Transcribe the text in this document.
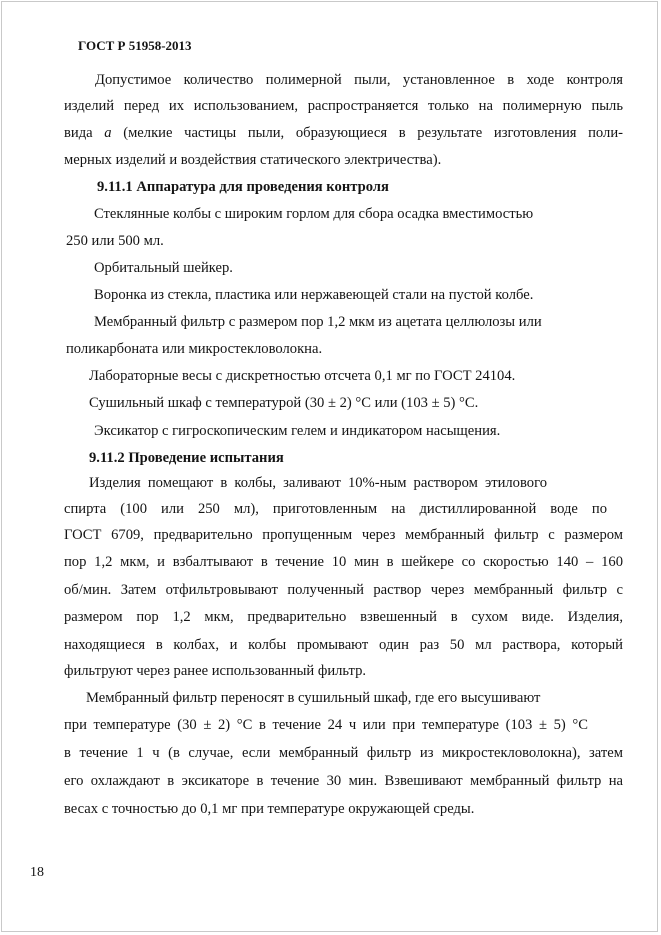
ГОСТ Р 51958-2013
Допустимое количество полимерной пыли, установленное в ходе контроля
изделий перед их использованием, распространяется только на полимерную пыль
вида a (мелкие частицы пыли, образующиеся в результате изготовления поли-
мерных изделий и воздействия статического электричества).
9.11.1 Аппаратура для проведения контроля
Стеклянные колбы с широким горлом для сбора осадка вместимостью
250 или 500 мл.
Орбитальный шейкер.
Воронка из стекла, пластика или нержавеющей стали на пустой колбе.
Мембранный фильтр с размером пор 1,2 мкм из ацетата целлюлозы или
поликарбоната или микростекловолокна.
Лабораторные весы с дискретностью отсчета 0,1 мг по ГОСТ 24104.
Сушильный шкаф с температурой (30 ± 2) °С или (103 ± 5) °С.
Эксикатор с гигроскопическим гелем и индикатором насыщения.
9.11.2 Проведение испытания
Изделия помещают в колбы, заливают 10%-ным раствором этилового
спирта (100 или 250 мл), приготовленным на дистиллированной воде по
ГОСТ 6709, предварительно пропущенным через мембранный фильтр с размером
пор 1,2 мкм, и взбалтывают в течение 10 мин в шейкере со скоростью 140 – 160
об/мин. Затем отфильтровывают полученный раствор через мембранный фильтр с
размером пор 1,2 мкм, предварительно взвешенный в сухом виде. Изделия,
находящиеся в колбах, и колбы промывают один раз 50 мл раствора, который
фильтруют через ранее использованный фильтр.
Мембранный фильтр переносят в сушильный шкаф, где его высушивают
при температуре (30 ± 2) °С в течение 24 ч или при температуре (103 ± 5) °С
в течение 1 ч (в случае, если мембранный фильтр из микростекловолокна), затем
его охлаждают в эксикаторе в течение 30 мин. Взвешивают мембранный фильтр на
весах с точностью до 0,1 мг при температуре окружающей среды.
18
